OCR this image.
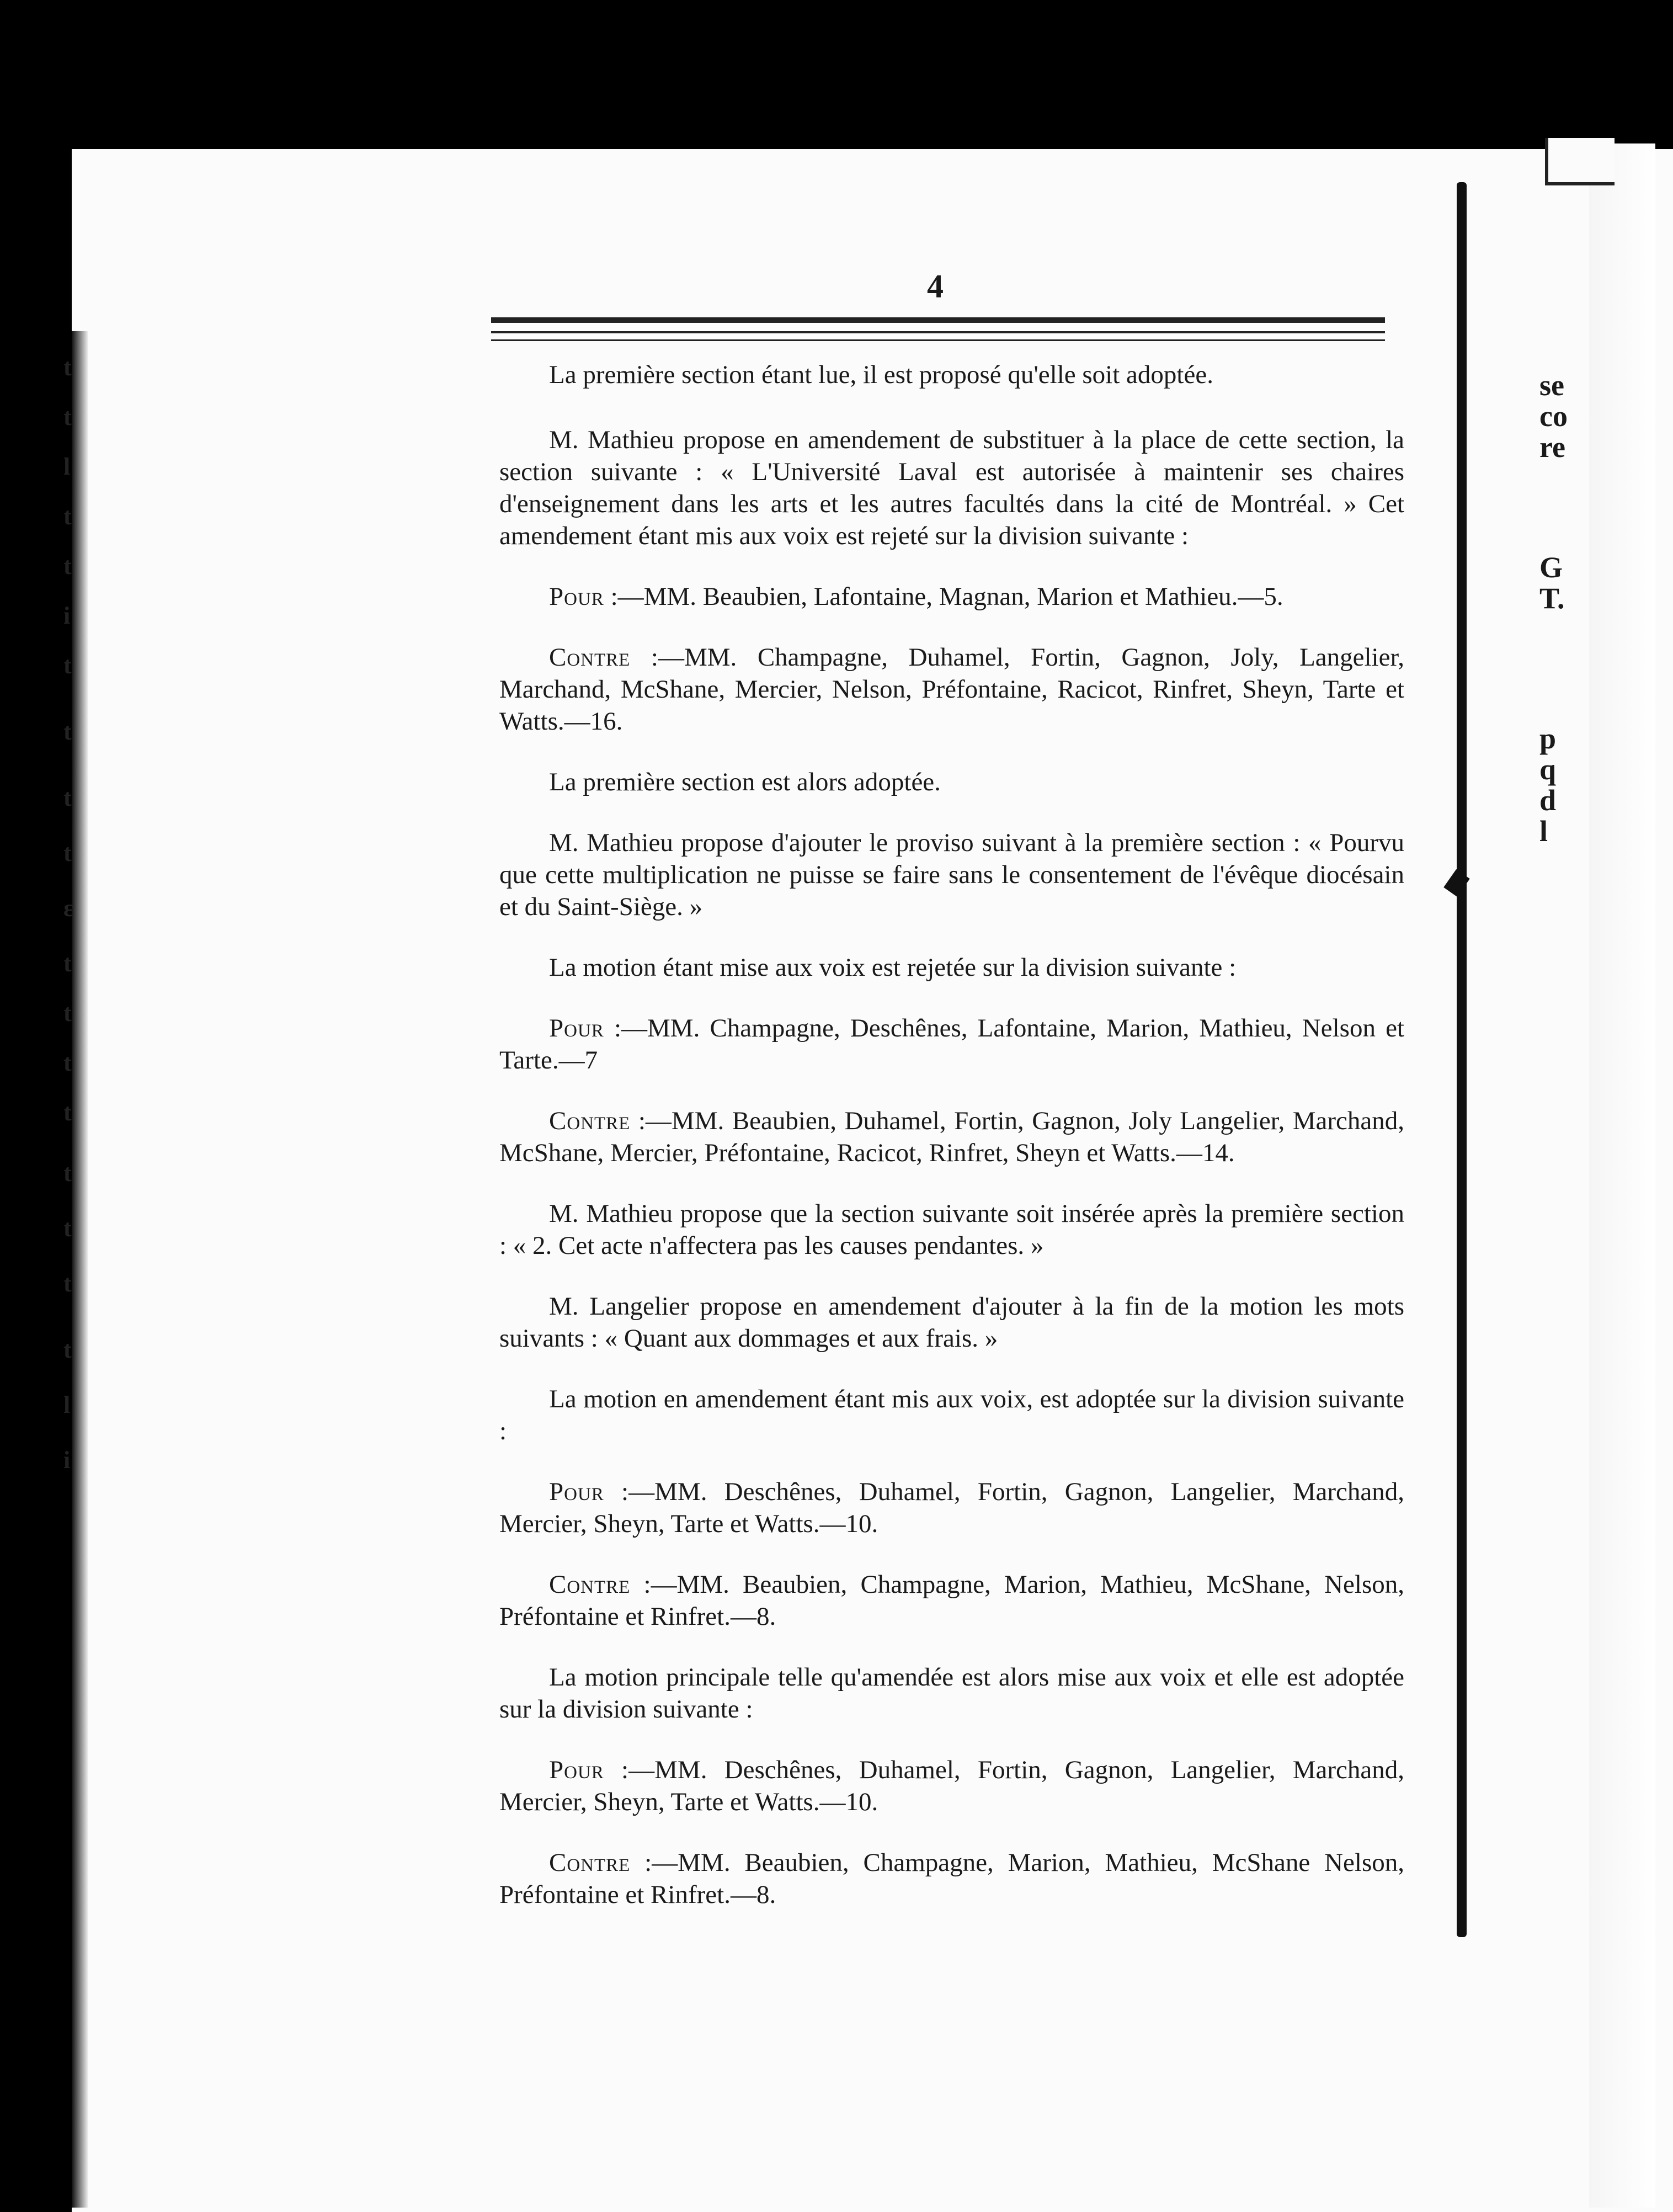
t
t
l
t
t
i
t
t
t
t
ε
t
t
t
t
t
t
t
t
l
i
se
co
re
G
T.
p
q
d
l
4

La première section étant lue, il est proposé qu'elle soit adoptée.

M. Mathieu propose en amendement de substituer à la place de cette section, la section suivante : « L'Université Laval est autorisée à maintenir ses chaires d'enseignement dans les arts et les autres facultés dans la cité de Montréal. » Cet amendement étant mis aux voix est rejeté sur la division suivante :

Pour :—MM. Beaubien, Lafontaine, Magnan, Marion et Mathieu.—5.

Contre :—MM. Champagne, Duhamel, Fortin, Gagnon, Joly, Langelier, Marchand, McShane, Mercier, Nelson, Préfontaine, Racicot, Rinfret, Sheyn, Tarte et Watts.—16.

La première section est alors adoptée.

M. Mathieu propose d'ajouter le proviso suivant à la première section : « Pourvu que cette multiplication ne puisse se faire sans le consentement de l'évêque diocésain et du Saint-Siège. »

La motion étant mise aux voix est rejetée sur la division suivante :

Pour :—MM. Champagne, Deschênes, Lafontaine, Marion, Mathieu, Nelson et Tarte.—7

Contre :—MM. Beaubien, Duhamel, Fortin, Gagnon, Joly Langelier, Marchand, McShane, Mercier, Préfontaine, Racicot, Rinfret, Sheyn et Watts.—14.

M. Mathieu propose que la section suivante soit insérée après la première section : « 2. Cet acte n'affectera pas les causes pendantes. »

M. Langelier propose en amendement d'ajouter à la fin de la motion les mots suivants : « Quant aux dommages et aux frais. »

La motion en amendement étant mis aux voix, est adoptée sur la division suivante :

Pour :—MM. Deschênes, Duhamel, Fortin, Gagnon, Langelier, Marchand, Mercier, Sheyn, Tarte et Watts.—10.

Contre :—MM. Beaubien, Champagne, Marion, Mathieu, McShane, Nelson, Préfontaine et Rinfret.—8.

La motion principale telle qu'amendée est alors mise aux voix et elle est adoptée sur la division suivante :

Pour :—MM. Deschênes, Duhamel, Fortin, Gagnon, Langelier, Marchand, Mercier, Sheyn, Tarte et Watts.—10.

Contre :—MM. Beaubien, Champagne, Marion, Mathieu, McShane Nelson, Préfontaine et Rinfret.—8.
